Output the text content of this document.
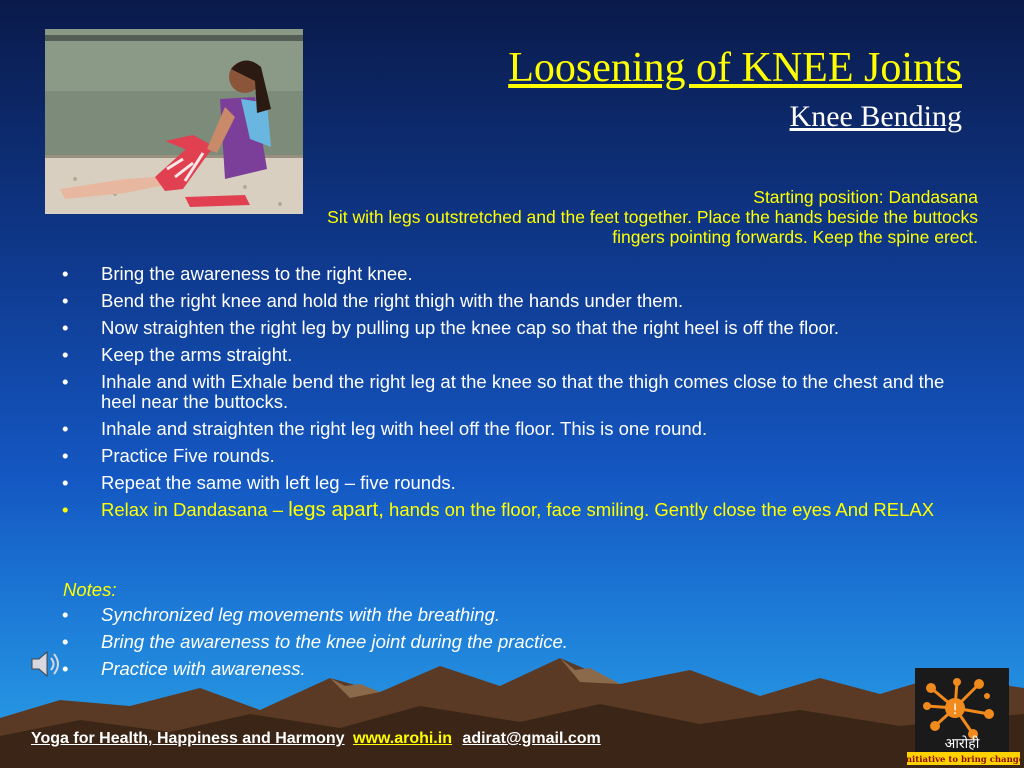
Loosening of KNEE Joints
Knee Bending
Starting position: Dandasana
Sit with legs outstretched and the feet together. Place the hands beside the buttocks
fingers pointing forwards. Keep the spine erect.
• Bring the awareness to the right knee.
• Bend the right knee and hold the right thigh with the hands under them.
• Now straighten the right leg by pulling up the knee cap so that the right heel is off the floor.
• Keep the arms straight.
• Inhale and with Exhale bend the right leg at the knee so that the thigh comes close to the chest and the heel near the buttocks.
• Inhale and straighten the right leg with heel off the floor. This is one round.
• Practice Five rounds.
• Repeat the same with left leg – five rounds.
• Relax in Dandasana – legs apart, hands on the floor, face smiling. Gently close the eyes And RELAX
Notes:
• Synchronized leg movements with the breathing.
• Bring the awareness to the knee joint during the practice.
• Practice with awareness.
Yoga for Health, Happiness and Harmony www.arohi.in adirat@gmail.com
!
आरोही
Initiative to bring change
